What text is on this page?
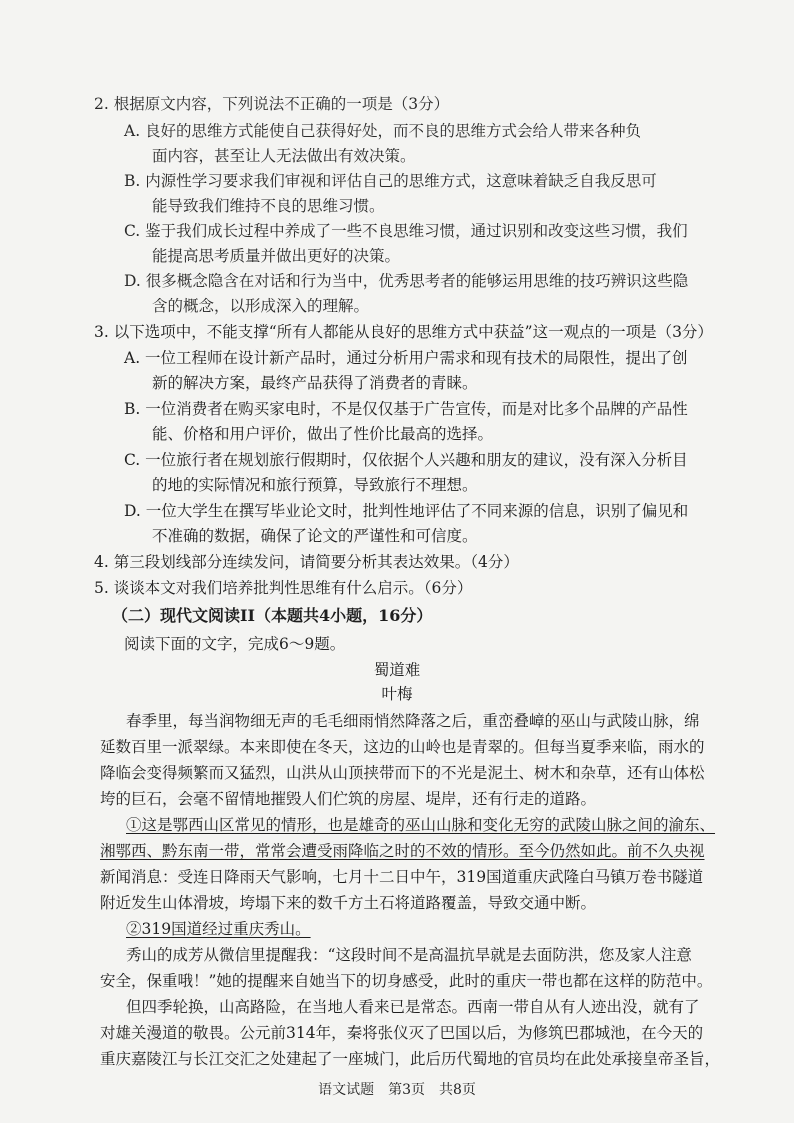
2. 根据原文内容，下列说法不正确的一项是（3分）
A. 良好的思维方式能使自己获得好处，而不良的思维方式会给人带来各种负
面内容，甚至让人无法做出有效决策。
B. 内源性学习要求我们审视和评估自己的思维方式，这意味着缺乏自我反思可
能导致我们维持不良的思维习惯。
C. 鉴于我们成长过程中养成了一些不良思维习惯，通过识别和改变这些习惯，我们
能提高思考质量并做出更好的决策。
D. 很多概念隐含在对话和行为当中，优秀思考者的能够运用思维的技巧辨识这些隐
含的概念，以形成深入的理解。
3. 以下选项中，不能支撑“所有人都能从良好的思维方式中获益”这一观点的一项是（3分）
A. 一位工程师在设计新产品时，通过分析用户需求和现有技术的局限性，提出了创
新的解决方案，最终产品获得了消费者的青睐。
B. 一位消费者在购买家电时，不是仅仅基于广告宣传，而是对比多个品牌的产品性
能、价格和用户评价，做出了性价比最高的选择。
C. 一位旅行者在规划旅行假期时，仅依据个人兴趣和朋友的建议，没有深入分析目
的地的实际情况和旅行预算，导致旅行不理想。
D. 一位大学生在撰写毕业论文时，批判性地评估了不同来源的信息，识别了偏见和
不准确的数据，确保了论文的严谨性和可信度。
4. 第三段划线部分连续发问，请简要分析其表达效果。（4分）
5. 谈谈本文对我们培养批判性思维有什么启示。（6分）
（二）现代文阅读II（本题共4小题，16分）
阅读下面的文字，完成6～9题。
蜀道难
叶梅
春季里，每当润物细无声的毛毛细雨悄然降落之后，重峦叠嶂的巫山与武陵山脉，绵
延数百里一派翠绿。本来即使在冬天，这边的山岭也是青翠的。但每当夏季来临，雨水的
降临会变得频繁而又猛烈，山洪从山顶挟带而下的不光是泥土、树木和杂草，还有山体松
垮的巨石，会毫不留情地摧毁人们伫筑的房屋、堤岸，还有行走的道路。
①这是鄂西山区常见的情形，也是雄奇的巫山山脉和变化无穷的武陵山脉之间的渝东、
湘鄂西、黔东南一带，常常会遭受雨降临之时的不效的情形。至今仍然如此。前不久央视
新闻消息：受连日降雨天气影响，七月十二日中午，319国道重庆武隆白马镇万卷书隧道
附近发生山体滑坡，垮塌下来的数千方土石将道路覆盖，导致交通中断。
②319国道经过重庆秀山。
秀山的成芳从微信里提醒我：“这段时间不是高温抗旱就是去面防洪，您及家人注意
安全，保重哦！”她的提醒来自她当下的切身感受，此时的重庆一带也都在这样的防范中。
但四季轮换，山高路险，在当地人看来已是常态。西南一带自从有人迹出没，就有了
对雄关漫道的敬畏。公元前314年，秦将张仪灭了巴国以后，为修筑巴郡城池，在今天的
重庆嘉陵江与长江交汇之处建起了一座城门，此后历代蜀地的官员均在此处承接皇帝圣旨，
语文试题　第3页　共8页
